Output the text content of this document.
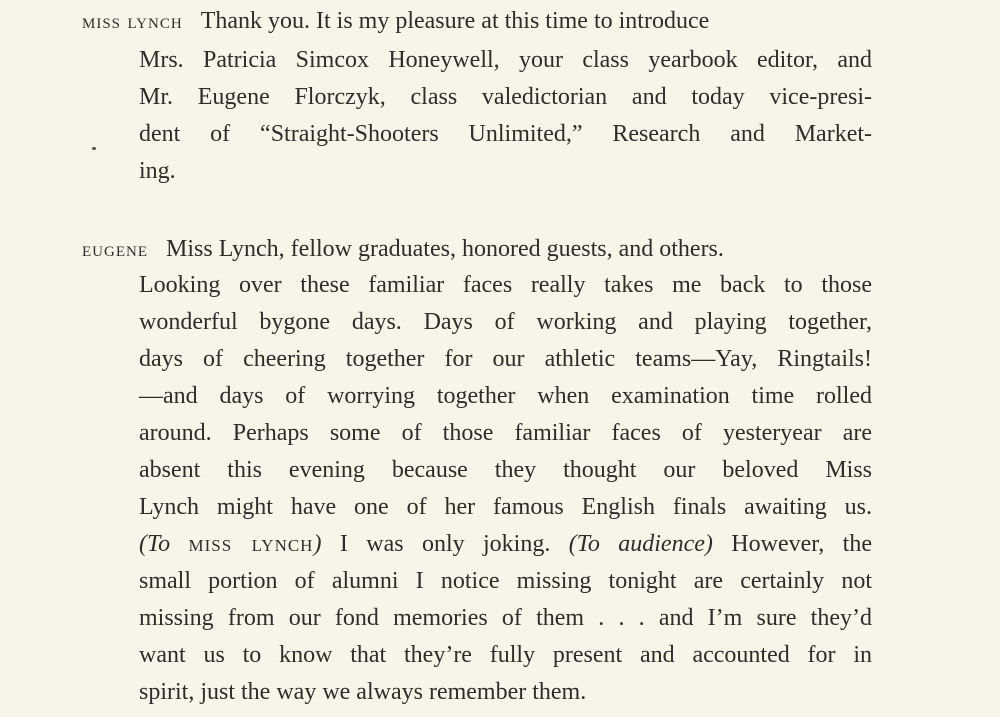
miss lynch Thank you. It is my pleasure at this time to introduce
Mrs. Patricia Simcox Honeywell, your class yearbook editor, and
Mr. Eugene Florczyk, class valedictorian and today vice-presi-
dent of “Straight-Shooters Unlimited,” Research and Market-
ing.
eugene Miss Lynch, fellow graduates, honored guests, and others.
Looking over these familiar faces really takes me back to those
wonderful bygone days. Days of working and playing together,
days of cheering together for our athletic teams—Yay, Ringtails!
—and days of worrying together when examination time rolled
around. Perhaps some of those familiar faces of yesteryear are
absent this evening because they thought our beloved Miss
Lynch might have one of her famous English finals awaiting us.
(To miss lynch) I was only joking. (To audience) However, the
small portion of alumni I notice missing tonight are certainly not
missing from our fond memories of them . . . and I’m sure they’d
want us to know that they’re fully present and accounted for in
spirit, just the way we always remember them.
